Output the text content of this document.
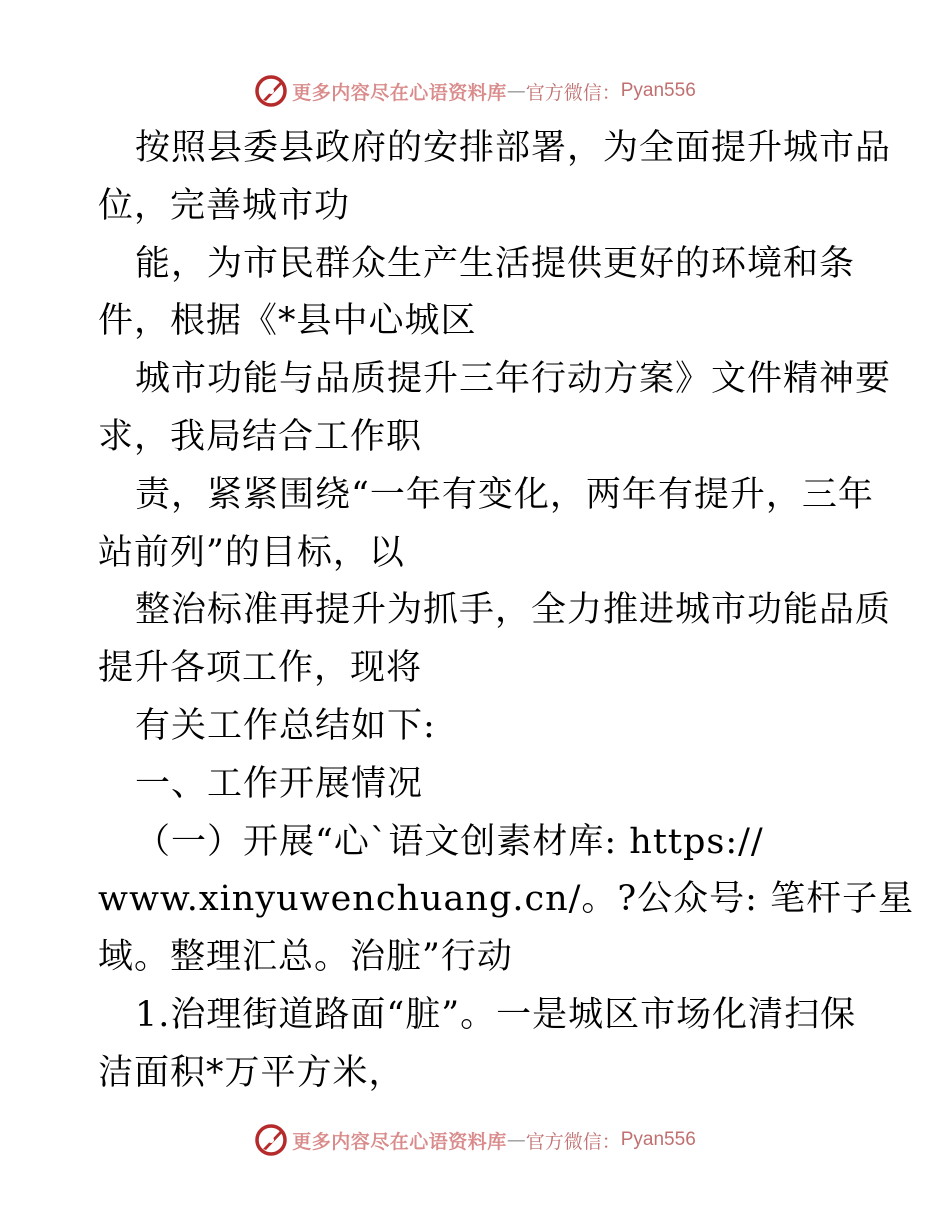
更多内容尽在心语资料库 — 官方微信： Pyan556
按照县委县政府的安排部署，为全面提升城市品
位，完善城市功
能，为市民群众生产生活提供更好的环境和条
件，根据《*县中心城区
城市功能与品质提升三年行动方案》文件精神要
求，我局结合工作职
责，紧紧围绕“一年有变化，两年有提升，三年
站前列”的目标，以
整治标准再提升为抓手，全力推进城市功能品质
提升各项工作，现将
有关工作总结如下:
一、工作开展情况
（一）开展“心`语文创素材库: https://
www.xinyuwenchuang.cn/。?公众号: 笔杆子星
域。整理汇总。治脏”行动
1.治理街道路面“脏”。一是城区市场化清扫保
洁面积*万平方米，
更多内容尽在心语资料库 — 官方微信： Pyan556
